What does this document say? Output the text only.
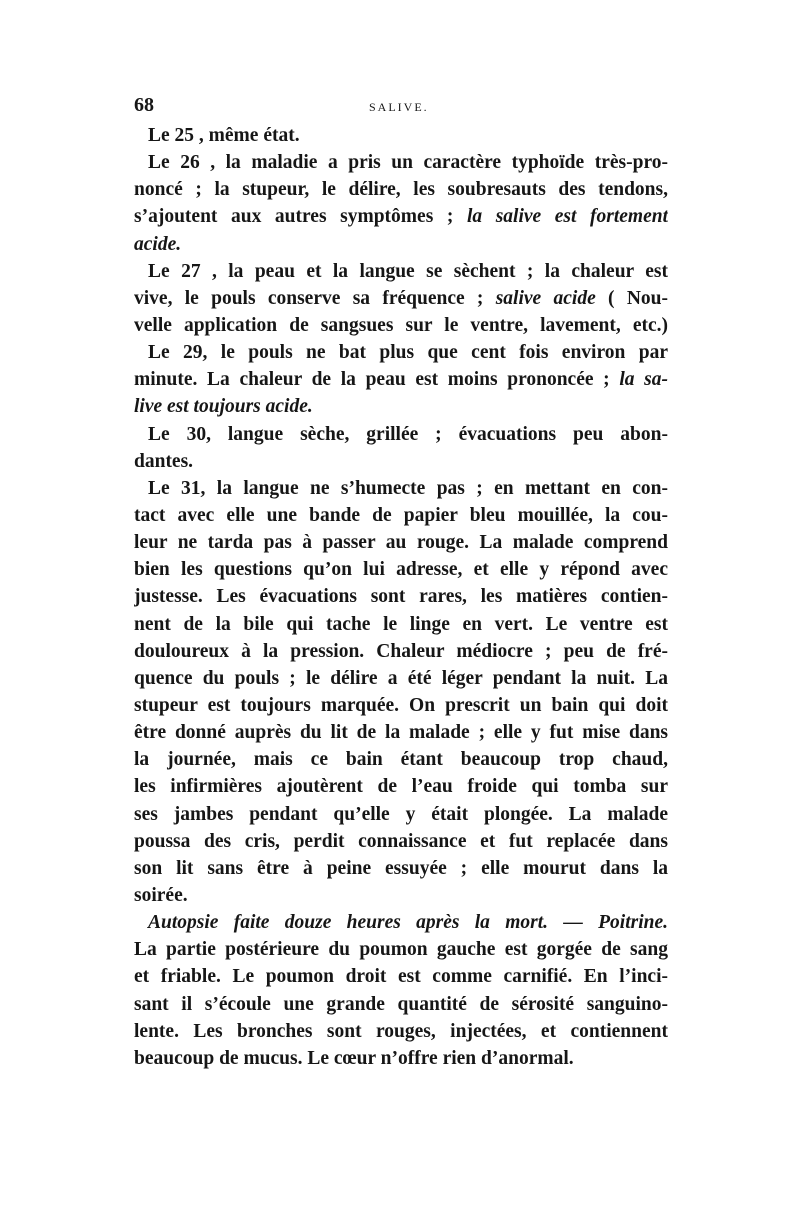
68	SALIVE.
Le 25 , même état.
Le 26 , la maladie a pris un caractère typhoïde très-pro-
noncé ; la stupeur, le délire, les soubresauts des tendons,
s’ajoutent aux autres symptômes ; la salive est fortement
acide.
Le 27 , la peau et la langue se sèchent ; la chaleur est
vive, le pouls conserve sa fréquence ; salive acide ( Nou-
velle application de sangsues sur le ventre, lavement, etc.)
Le 29, le pouls ne bat plus que cent fois environ par
minute. La chaleur de la peau est moins prononcée ; la sa-
live est toujours acide.
Le 30, langue sèche, grillée ; évacuations peu abon-
dantes.
Le 31, la langue ne s’humecte pas ; en mettant en con-
tact avec elle une bande de papier bleu mouillée, la cou-
leur ne tarda pas à passer au rouge. La malade comprend
bien les questions qu’on lui adresse, et elle y répond avec
justesse. Les évacuations sont rares, les matières contien-
nent de la bile qui tache le linge en vert. Le ventre est
douloureux à la pression. Chaleur médiocre ; peu de fré-
quence du pouls ; le délire a été léger pendant la nuit. La
stupeur est toujours marquée. On prescrit un bain qui doit
être donné auprès du lit de la malade ; elle y fut mise dans
la journée, mais ce bain étant beaucoup trop chaud,
les infirmières ajoutèrent de l’eau froide qui tomba sur
ses jambes pendant qu’elle y était plongée. La malade
poussa des cris, perdit connaissance et fut replacée dans
son lit sans être à peine essuyée ; elle mourut dans la
soirée.
Autopsie faite douze heures après la mort. — Poitrine.
La partie postérieure du poumon gauche est gorgée de sang
et friable. Le poumon droit est comme carnifié. En l’inci-
sant il s’écoule une grande quantité de sérosité sanguino-
lente. Les bronches sont rouges, injectées, et contiennent
beaucoup de mucus. Le cœur n’offre rien d’anormal.
